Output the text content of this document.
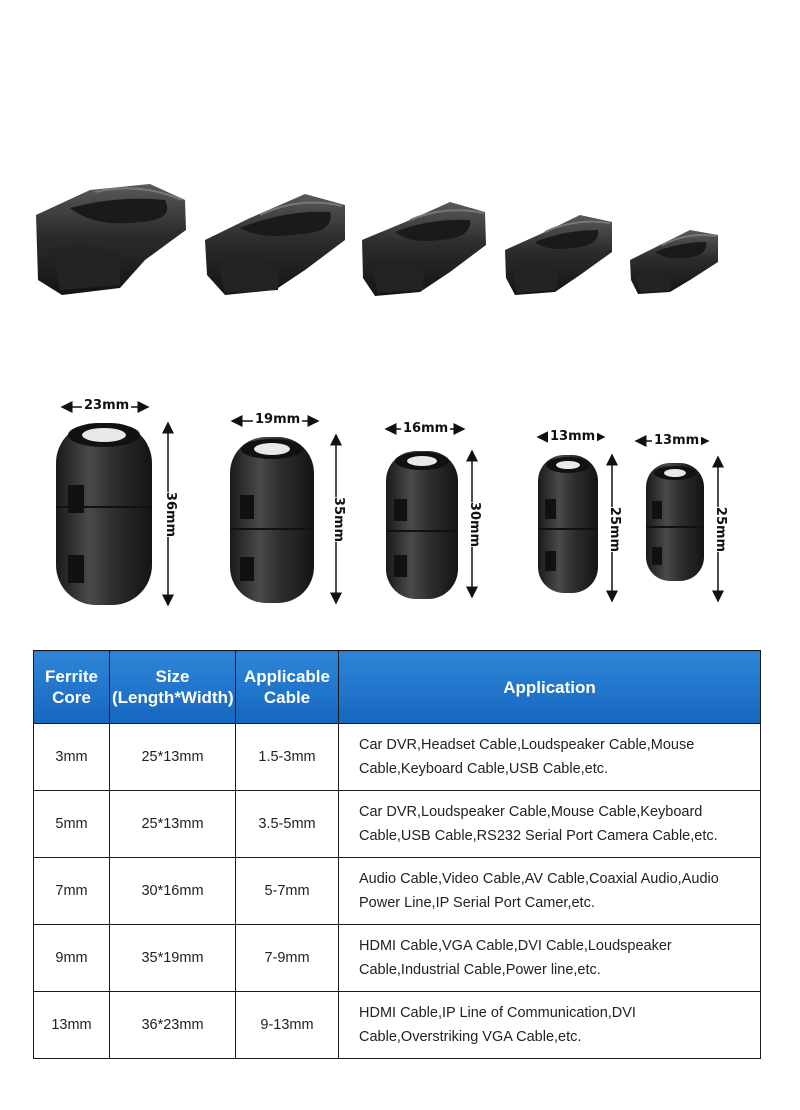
23mm
19mm
16mm
13mm	13mm
36mm	35mm	30mm	25mm	25mm
Ferrite Core	Size (Length*Width)	Applicable Cable	Application
3mm	25*13mm	1.5-3mm	Car DVR,Headset Cable,Loudspeaker Cable,Mouse Cable,Keyboard Cable,USB Cable,etc.
5mm	25*13mm	3.5-5mm	Car DVR,Loudspeaker Cable,Mouse Cable,Keyboard Cable,USB Cable,RS232 Serial Port Camera Cable,etc.
7mm	30*16mm	5-7mm	Audio Cable,Video Cable,AV Cable,Coaxial Audio,Audio Power Line,IP Serial Port Camer,etc.
9mm	35*19mm	7-9mm	HDMI Cable,VGA Cable,DVI Cable,Loudspeaker Cable,Industrial Cable,Power line,etc.
13mm	36*23mm	9-13mm	HDMI Cable,IP Line of Communication,DVI Cable,Overstriking VGA Cable,etc.
